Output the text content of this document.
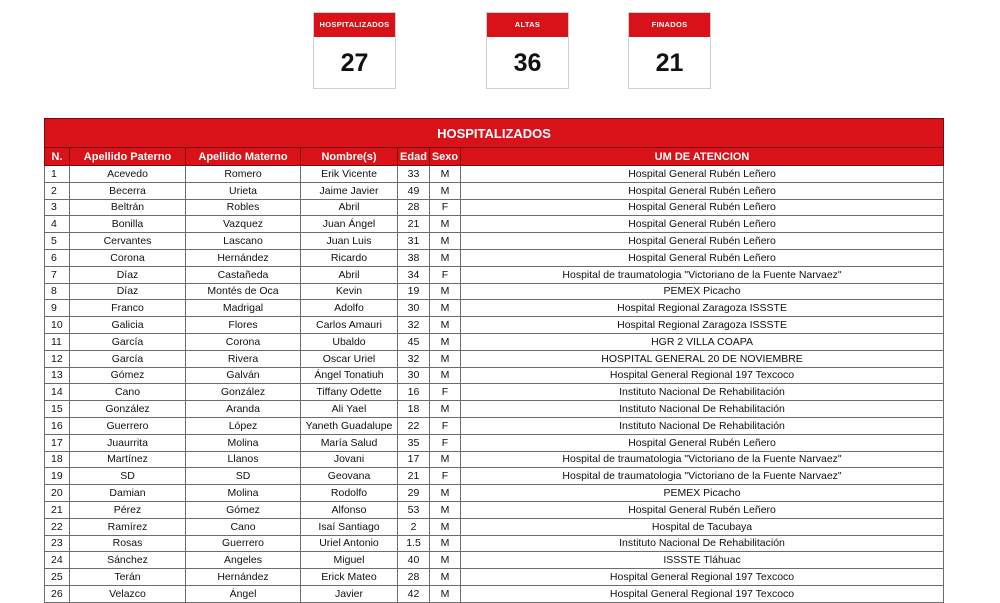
HOSPITALIZADOS
27
ALTAS
36
FINADOS
21
HOSPITALIZADOS						
N.	Apellido Paterno	Apellido Materno	Nombre(s)	Edad	Sexo	UM DE ATENCION
1	Acevedo	Romero	Erik Vicente	33	M	Hospital General Rubén Leñero
2	Becerra	Urieta	Jaime Javier	49	M	Hospital General Rubén Leñero
3	Beltrán	Robles	Abril	28	F	Hospital General Rubén Leñero
4	Bonilla	Vazquez	Juan Ángel	21	M	Hospital General Rubén Leñero
5	Cervantes	Lascano	Juan Luis	31	M	Hospital General Rubén Leñero
6	Corona	Hernández	Ricardo	38	M	Hospital General Rubén Leñero
7	Díaz	Castañeda	Abril	34	F	Hospital de traumatologia "Victoriano de la Fuente Narvaez"
8	Díaz	Montés de Oca	Kevin	19	M	PEMEX Picacho
9	Franco	Madrigal	Adolfo	30	M	Hospital Regional Zaragoza ISSSTE
10	Galicia	Flores	Carlos Amauri	32	M	Hospital Regional Zaragoza ISSSTE
11	García	Corona	Ubaldo	45	M	HGR 2 VILLA COAPA
12	García	Rivera	Oscar Uriel	32	M	HOSPITAL GENERAL 20 DE NOVIEMBRE
13	Gómez	Galván	Ángel Tonatiuh	30	M	Hospital General Regional 197 Texcoco
14	Cano	González	Tiffany Odette	16	F	Instituto Nacional De Rehabilitación
15	González	Aranda	Ali Yael	18	M	Instituto Nacional De Rehabilitación
16	Guerrero	López	Yaneth Guadalupe	22	F	Instituto Nacional De Rehabilitación
17	Juaurrita	Molina	María Salud	35	F	Hospital General Rubén Leñero
18	Martínez	Llanos	Jovani	17	M	Hospital de traumatologia "Victoriano de la Fuente Narvaez"
19	SD	SD	Geovana	21	F	Hospital de traumatologia "Victoriano de la Fuente Narvaez"
20	Damian	Molina	Rodolfo	29	M	PEMEX Picacho
21	Pérez	Gómez	Alfonso	53	M	Hospital General Rubén Leñero
22	Ramírez	Cano	Isaí Santiago	2	M	Hospital de Tacubaya
23	Rosas	Guerrero	Uriel Antonio	1.5	M	Instituto Nacional De Rehabilitación
24	Sánchez	Angeles	Miguel	40	M	ISSSTE Tláhuac
25	Terán	Hernández	Erick Mateo	28	M	Hospital General Regional 197 Texcoco
26	Velazco	Ángel	Javier	42	M	Hospital General Regional 197 Texcoco
